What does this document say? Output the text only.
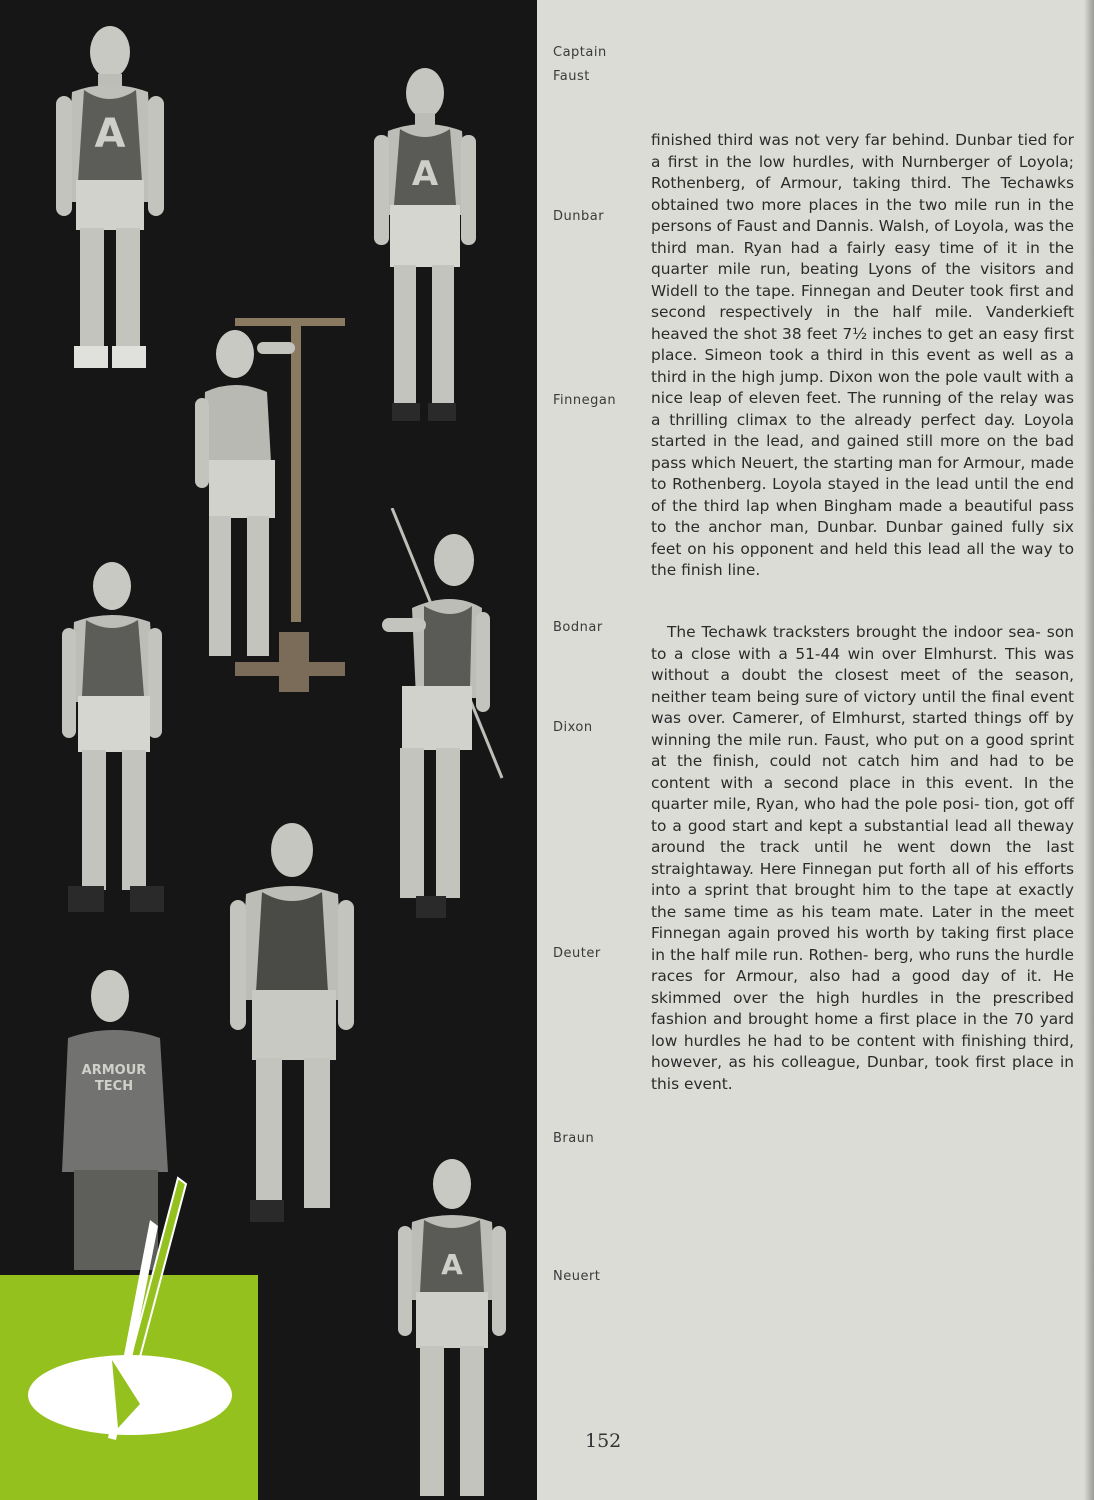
A
A
ARMOUR
TECH
A
Captain
Faust
Dunbar
Finnegan
Bodnar
Dixon
Deuter
Braun
Neuert

finished third was not very far behind. Dunbar tied for a first in the low hurdles, with Nurnberger of Loyola; Rothenberg, of Armour, taking third. The Techawks obtained two more places in the two mile run in the persons of Faust and Dannis. Walsh, of Loyola, was the third man. Ryan had a fairly easy time of it in the quarter mile run, beating Lyons of the visitors and Widell to the tape. Finnegan and Deuter took first and second respectively in the half mile. Vanderkieft heaved the shot 38 feet 7½ inches to get an easy first place. Simeon took a third in this event as well as a third in the high jump. Dixon won the pole vault with a nice leap of eleven feet. The running of the relay was a thrilling climax to the already perfect day. Loyola started in the lead, and gained still more on the bad pass which Neuert, the starting man for Armour, made to Rothenberg. Loyola stayed in the lead until the end of the third lap when Bingham made a beautiful pass to the anchor man, Dunbar. Dunbar gained fully six feet on his opponent and held this lead all the way to the finish line.

The Techawk tracksters brought the indoor sea- son to a close with a 51-44 win over Elmhurst. This was without a doubt the closest meet of the season, neither team being sure of victory until the final event was over. Camerer, of Elmhurst, started things off by winning the mile run. Faust, who put on a good sprint at the finish, could not catch him and had to be content with a second place in this event. In the quarter mile, Ryan, who had the pole posi- tion, got off to a good start and kept a substantial lead all theway around the track until he went down the last straightaway. Here Finnegan put forth all of his efforts into a sprint that brought him to the tape at exactly the same time as his team mate. Later in the meet Finnegan again proved his worth by taking first place in the half mile run. Rothen- berg, who runs the hurdle races for Armour, also had a good day of it. He skimmed over the high hurdles in the prescribed fashion and brought home a first place in the 70 yard low hurdles he had to be content with finishing third, however, as his colleague, Dunbar, took first place in this event.

152
